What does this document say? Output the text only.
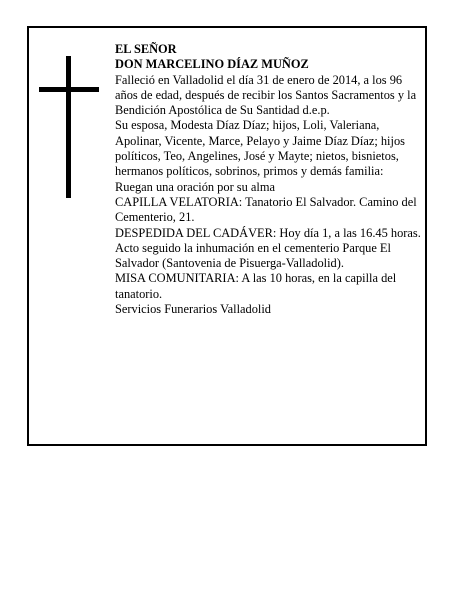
EL SEÑOR

DON MARCELINO DÍAZ MUÑOZ

Falleció en Valladolid el día 31 de enero de 2014, a los 96 años de edad, después de recibir los Santos Sacramentos y la Bendición Apostólica de Su Santidad d.e.p.

Su esposa, Modesta Díaz Díaz; hijos, Loli, Valeriana, Apolinar, Vicente, Marce, Pelayo y Jaime Díaz Díaz; hijos políticos, Teo, Angelines, José y Mayte; nietos, bisnietos, hermanos políticos, sobrinos, primos y demás familia:

Ruegan una oración por su alma

CAPILLA VELATORIA: Tanatorio El Salvador. Camino del Cementerio, 21.

DESPEDIDA DEL CADÁVER: Hoy día 1, a las 16.45 horas. Acto seguido la inhumación en el cementerio Parque El Salvador (Santovenia de Pisuerga-Valladolid).

MISA COMUNITARIA: A las 10 horas, en la capilla del tanatorio.

Servicios Funerarios Valladolid
